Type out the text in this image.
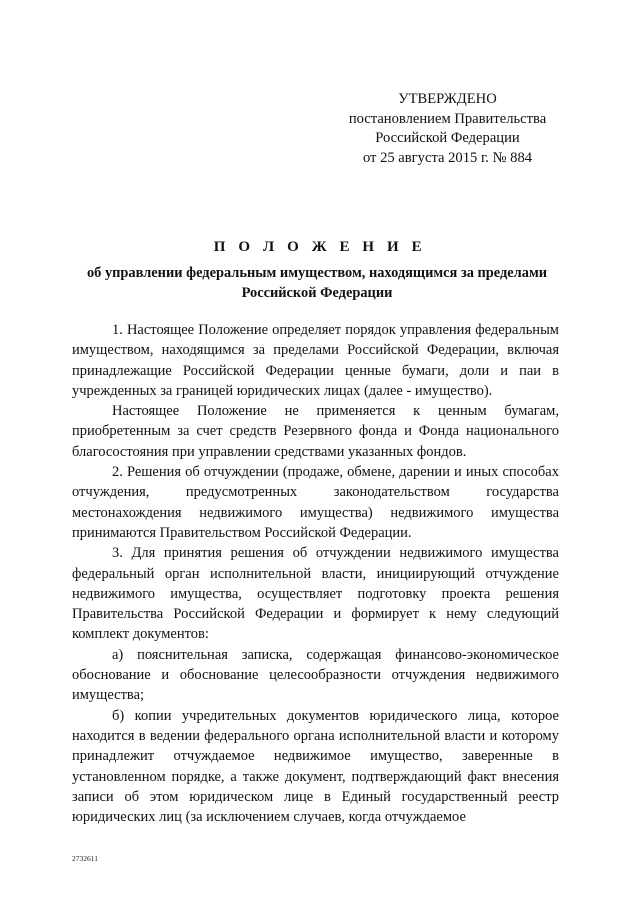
УТВЕРЖДЕНО
постановлением Правительства
Российской Федерации
от 25 августа 2015 г. № 884
П О Л О Ж Е Н И Е
об управлении федеральным имуществом, находящимся за пределами Российской Федерации

1. Настоящее Положение определяет порядок управления федеральным имуществом, находящимся за пределами Российской Федерации, включая принадлежащие Российской Федерации ценные бумаги, доли и паи в учрежденных за границей юридических лицах (далее - имущество).

Настоящее Положение не применяется к ценным бумагам, приобретенным за счет средств Резервного фонда и Фонда национального благосостояния при управлении средствами указанных фондов.

2. Решения об отчуждении (продаже, обмене, дарении и иных способах отчуждения, предусмотренных законодательством государства местонахождения недвижимого имущества) недвижимого имущества принимаются Правительством Российской Федерации.

3. Для принятия решения об отчуждении недвижимого имущества федеральный орган исполнительной власти, инициирующий отчуждение недвижимого имущества, осуществляет подготовку проекта решения Правительства Российской Федерации и формирует к нему следующий комплект документов:

а) пояснительная записка, содержащая финансово-экономическое обоснование и обоснование целесообразности отчуждения недвижимого имущества;

б) копии учредительных документов юридического лица, которое находится в ведении федерального органа исполнительной власти и которому принадлежит отчуждаемое недвижимое имущество, заверенные в установленном порядке, а также документ, подтверждающий факт внесения записи об этом юридическом лице в Единый государственный реестр юридических лиц (за исключением случаев, когда отчуждаемое

2732611
